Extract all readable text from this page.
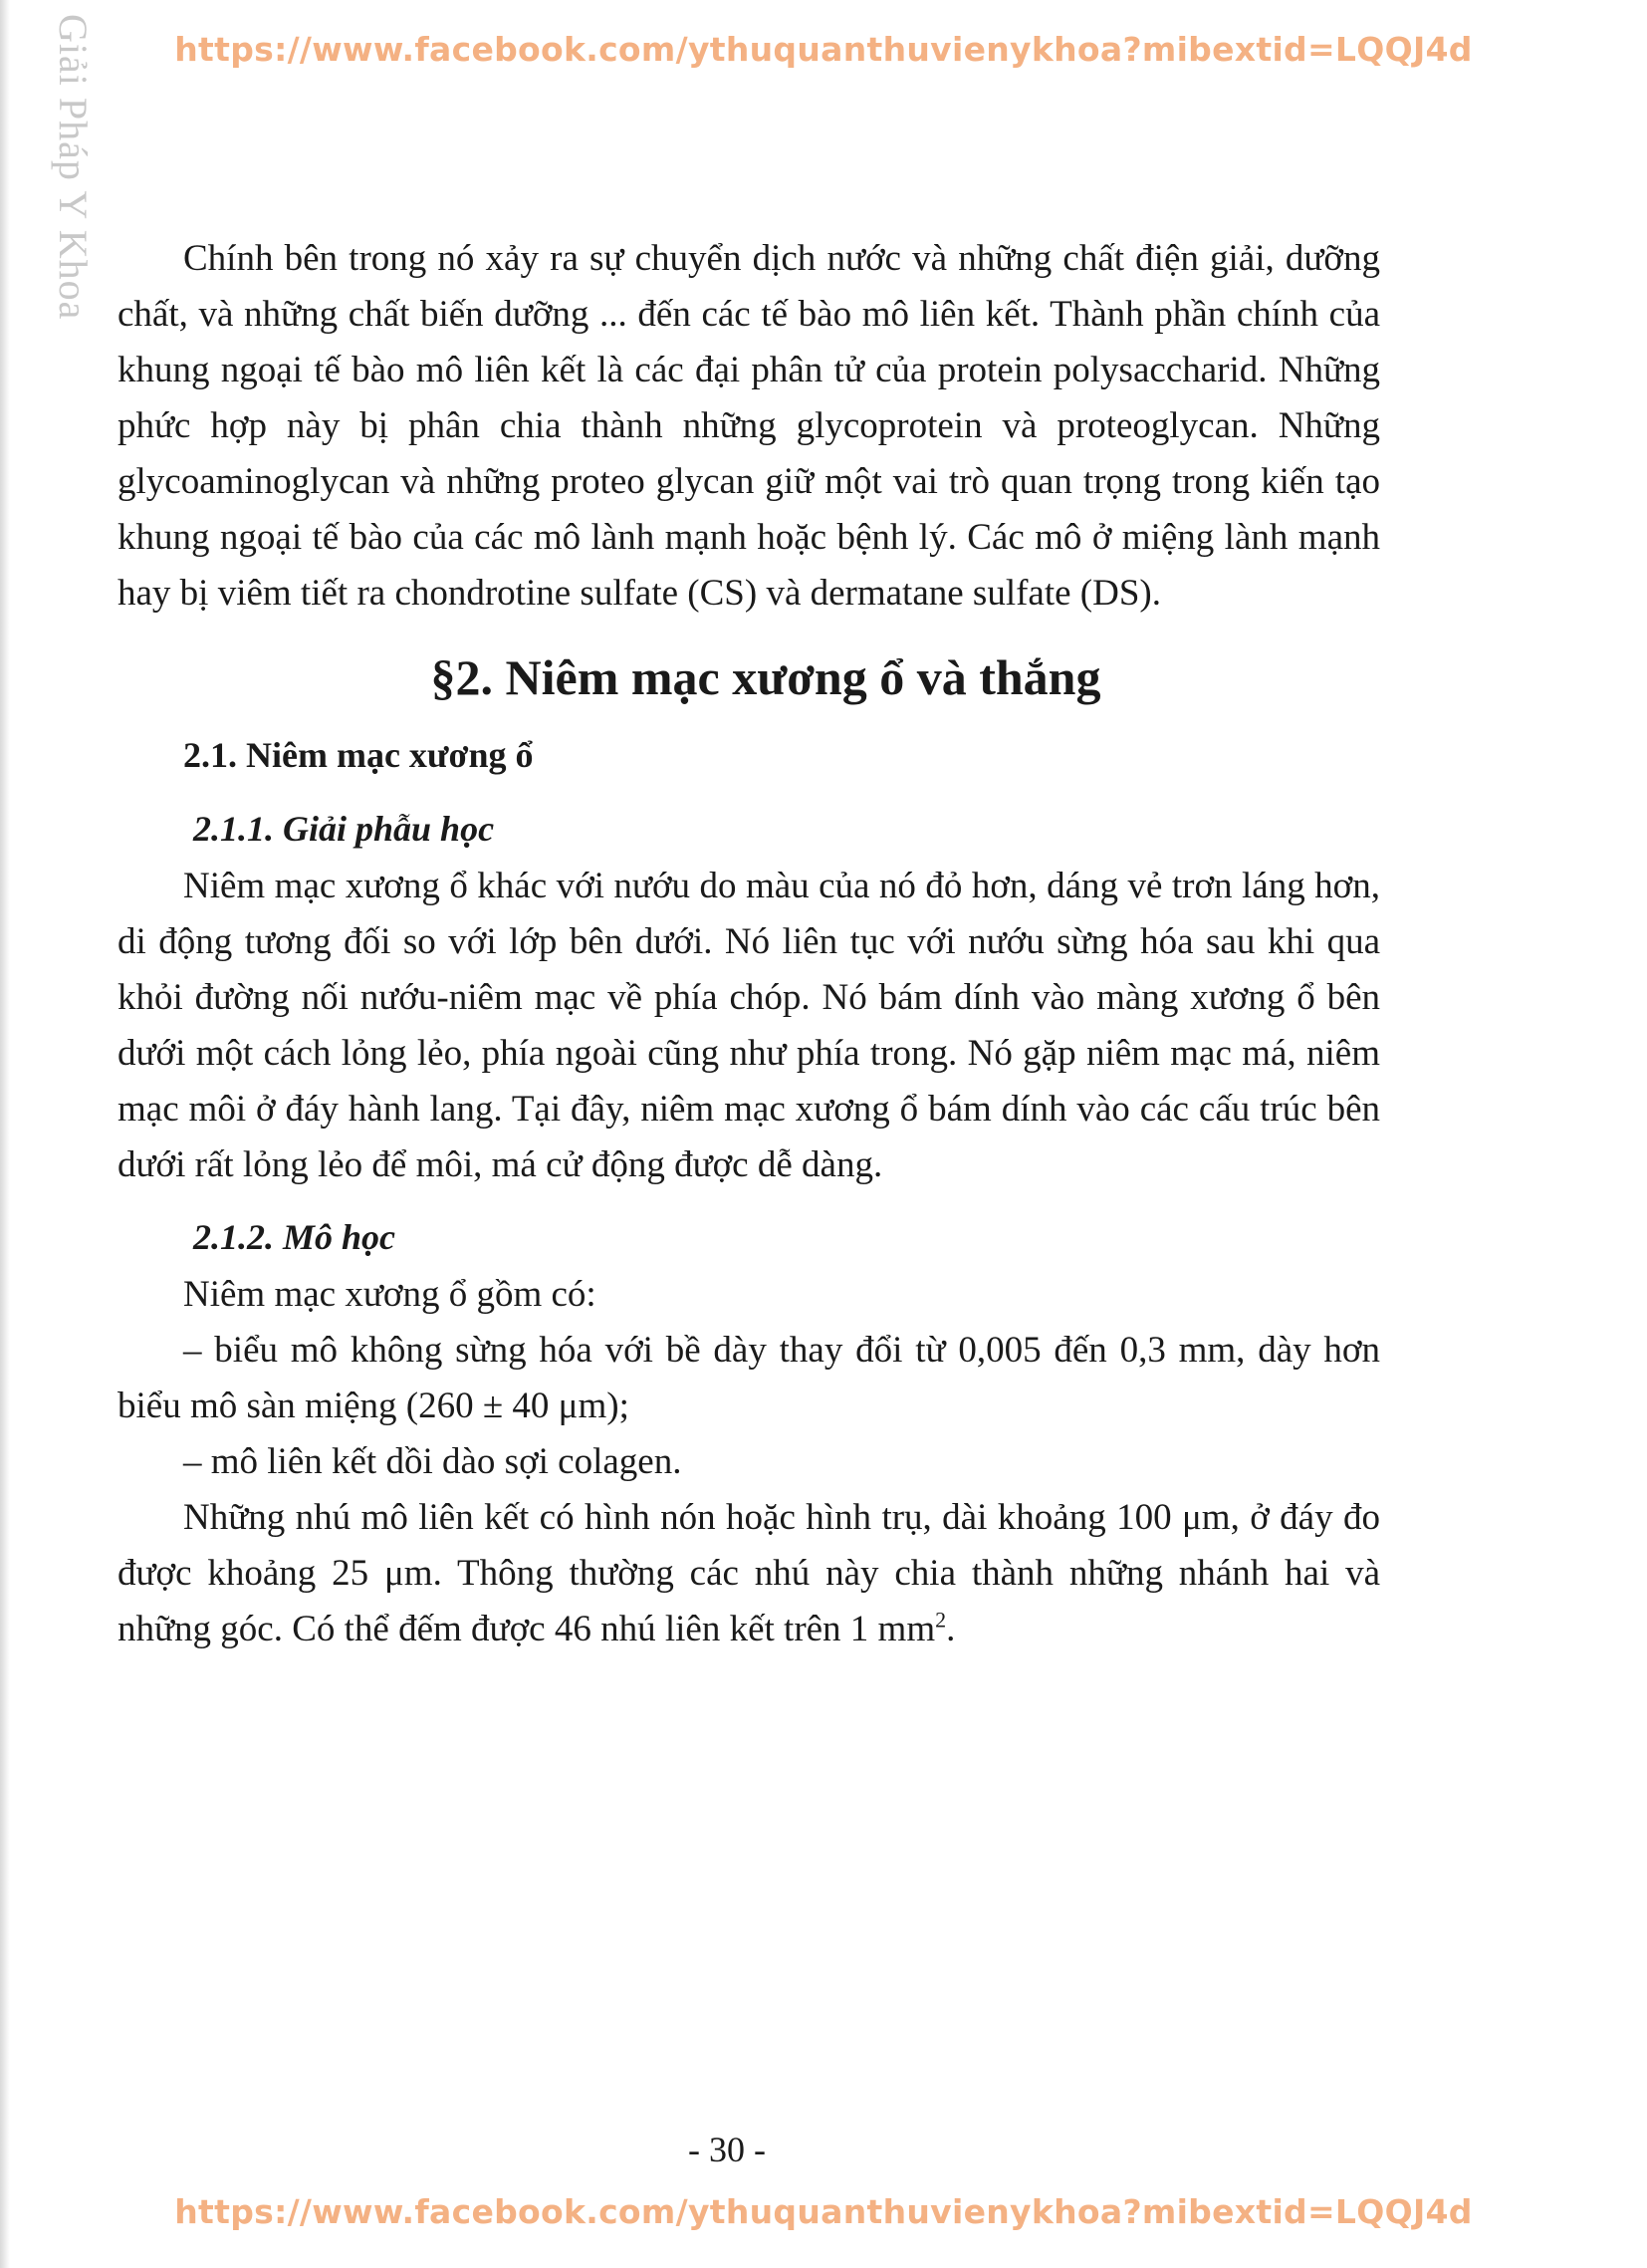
Giải Pháp Y Khoa	https://www.facebook.com/ythuquanthuvienykhoa?mibextid=LQQJ4d

Chính bên trong nó xảy ra sự chuyển dịch nước và những chất điện giải, dưỡng chất, và những chất biến dưỡng ... đến các tế bào mô liên kết. Thành phần chính của khung ngoại tế bào mô liên kết là các đại phân tử của protein polysaccharid. Những phức hợp này bị phân chia thành những glycoprotein và proteoglycan. Những glycoaminoglycan và những proteo glycan giữ một vai trò quan trọng trong kiến tạo khung ngoại tế bào của các mô lành mạnh hoặc bệnh lý. Các mô ở miệng lành mạnh hay bị viêm tiết ra chondrotine sulfate (CS) và dermatane sulfate (DS).

§2. Niêm mạc xương ổ và thắng
2.1. Niêm mạc xương ổ
2.1.1. Giải phẫu học

Niêm mạc xương ổ khác với nướu do màu của nó đỏ hơn, dáng vẻ trơn láng hơn, di động tương đối so với lớp bên dưới. Nó liên tục với nướu sừng hóa sau khi qua khỏi đường nối nướu-niêm mạc về phía chóp. Nó bám dính vào màng xương ổ bên dưới một cách lỏng lẻo, phía ngoài cũng như phía trong. Nó gặp niêm mạc má, niêm mạc môi ở đáy hành lang. Tại đây, niêm mạc xương ổ bám dính vào các cấu trúc bên dưới rất lỏng lẻo để môi, má cử động được dễ dàng.

2.1.2. Mô học

Niêm mạc xương ổ gồm có:

– biểu mô không sừng hóa với bề dày thay đổi từ 0,005 đến 0,3 mm, dày hơn biểu mô sàn miệng (260 ± 40 μm);

– mô liên kết dồi dào sợi colagen.

Những nhú mô liên kết có hình nón hoặc hình trụ, dài khoảng 100 μm, ở đáy đo được khoảng 25 μm. Thông thường các nhú này chia thành những nhánh hai và những góc. Có thể đếm được 46 nhú liên kết trên 1 $mm^2$.

- 30 -
https://www.facebook.com/ythuquanthuvienykhoa?mibextid=LQQJ4d
